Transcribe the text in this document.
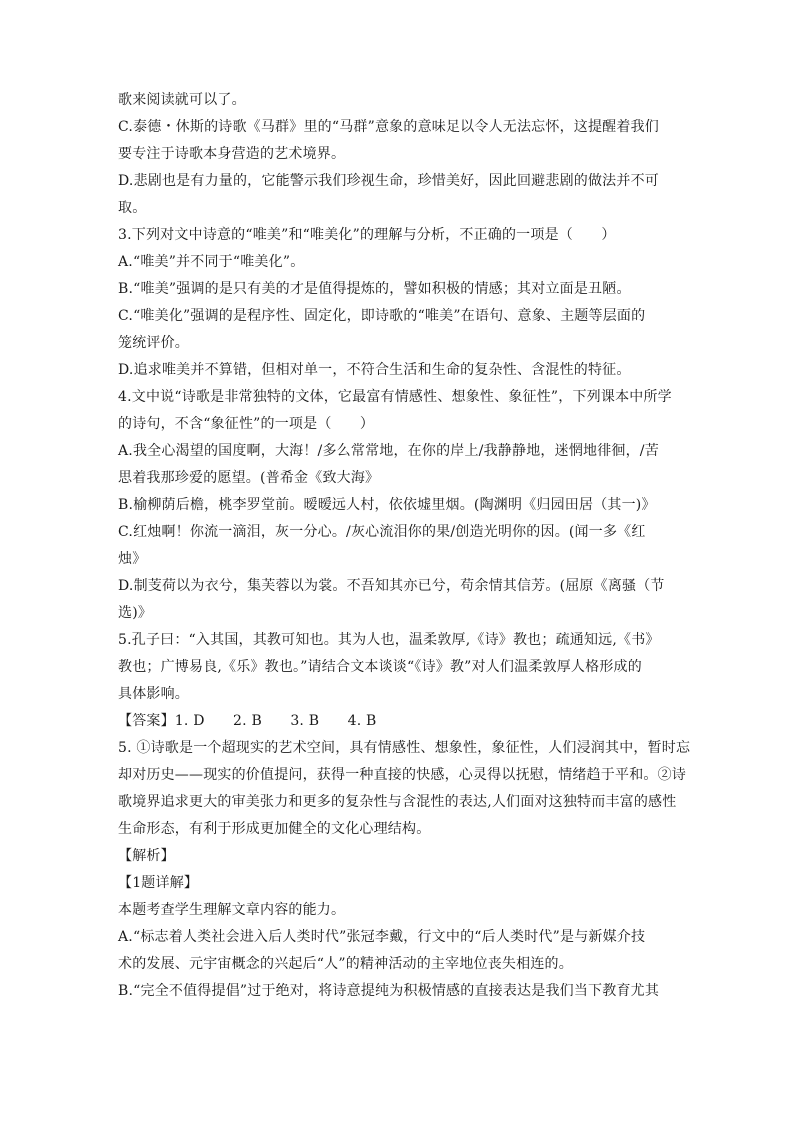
歌来阅读就可以了。
C.泰德・休斯的诗歌《马群》里的“马群”意象的意味足以令人无法忘怀，这提醒着我们
要专注于诗歌本身营造的艺术境界。
D.悲剧也是有力量的，它能警示我们珍视生命，珍惜美好，因此回避悲剧的做法并不可
取。
3.下列对文中诗意的“唯美”和“唯美化”的理解与分析，不正确的一项是（　　）
A.“唯美”并不同于“唯美化”。
B.“唯美”强调的是只有美的才是值得提炼的，譬如积极的情感；其对立面是丑陋。
C.“唯美化”强调的是程序性、固定化，即诗歌的“唯美”在语句、意象、主题等层面的
笼统评价。
D.追求唯美并不算错，但相对单一，不符合生活和生命的复杂性、含混性的特征。
4.文中说“诗歌是非常独特的文体，它最富有情感性、想象性、象征性”，下列课本中所学
的诗句，不含“象征性”的一项是（　　）
A.我全心渴望的国度啊，大海！/多么常常地，在你的岸上/我静静地，迷惘地徘徊，/苦
思着我那珍爱的愿望。(普希金《致大海》
B.榆柳荫后檐，桃李罗堂前。暧暧远人村，依依墟里烟。(陶渊明《归园田居（其一)》
C.红烛啊！你流一滴泪，灰一分心。/灰心流泪你的果/创造光明你的因。(闻一多《红
烛》
D.制芰荷以为衣兮，集芙蓉以为裳。不吾知其亦已兮，苟余情其信芳。(屈原《离骚（节
选)》
5.孔子曰：“入其国，其教可知也。其为人也，温柔敦厚,《诗》教也；疏通知远,《书》
教也；广博易良,《乐》教也。”请结合文本谈谈“《诗》教”对人们温柔敦厚人格形成的
具体影响。
【答案】1. D　　2. B　　3. B　　4. B
5. ①诗歌是一个超现实的艺术空间，具有情感性、想象性，象征性，人们浸润其中，暂时忘
却对历史——现实的价值提问，获得一种直接的快感，心灵得以抚慰，情绪趋于平和。②诗
歌境界追求更大的审美张力和更多的复杂性与含混性的表达,人们面对这独特而丰富的感性
生命形态，有利于形成更加健全的文化心理结构。
【解析】
【1题详解】
本题考查学生理解文章内容的能力。
A.“标志着人类社会进入后人类时代”张冠李戴，行文中的“后人类时代”是与新媒介技
术的发展、元宇宙概念的兴起后“人”的精神活动的主宰地位丧失相连的。
B.“完全不值得提倡”过于绝对，将诗意提纯为积极情感的直接表达是我们当下教育尤其
